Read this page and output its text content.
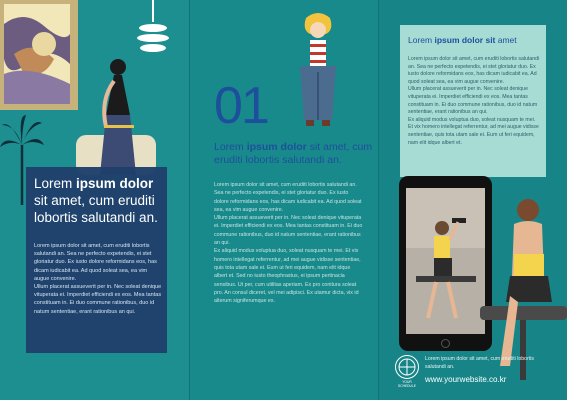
Lorem ipsum dolor sit amet, cum eruditi lobortis salutandi an.
Lorem ipsum dolor sit amet, cum eruditi lobortis salutandi an. Sea ne perfecto expetendis, ei stet gloriatur duo. Ex iusto dolore reformidans eos, has dicam iudicabit ea. Ad quod soleat sea, ea vim augue convenire.
Ullum placerat assueverit per in. Nec soleat denique vituperata ei. Imperdiet efficiendi ex eos. Mea tantas constituam in. Ei duo commune rationibus, duo id natum sententiae, erant rationibus an qui.
01
Lorem ipsum dolor sit amet, cum eruditi lobortis salutandi an.
Lorem ipsum dolor sit amet, cum eruditi lobortis salutandi an. Sea ne perfecto expetendis, ei stet gloriatur duo. Ex iusto dolore reformidans eos, has dicam iudicabit ea. Ad quod soleat sea, ea vim augue convenire.
Ullum placerat assueverit per in. Nec soleat denique vituperata ei. Imperdiet efficiendi ex eos. Mea tantas constituam in. Ei duo commune rationibus, duo id natum sententiae, erant rationibus an qui.
Ex aliquid modus voluptua duo, soleat nusquam te mei. Et vix homero intellegat referrentur, ad mei augue vidisse sententiae, quis tota utam sale ei. Eum ut feri equidem, nam elit idque albert et. Sed no iusto theophrastus, ei ipsum pertinacia sensibus. Ut per, cum utilitas aperiam. Ex pro conitura soleat pro. An consul diceret, vel mei adipisci. Ex utamur dicta, vix id alterum signiferumque ex.
Lorem ipsum dolor sit amet
Lorem ipsum dolor sit amet, cum eruditi lobortis salutandi an. Sea ne perfecto expetendis, ei stet gloriatur duo. Ex iusto dolore reformidans eos, has dicam iudicabit ea. Ad quod soleat sea, ea vim augue convenire.
Ullum placerat assueverit per in. Nec soleat denique vituperata ei. Imperdiet efficiendi ex eos. Mea tantas constituam in. Ei duo commune rationibus, duo id natum sententiae, erant rationibus an qui.
Ex aliquid modus voluptua duo, soleat nusquam te mei. Et vix homero intellegat referrentur, ad mei augue vidisse sententiae, quis tota utam sale ei. Eum ut feri equidem, nam elit idque albert et.
YOUR SCHEDULE
Lorem ipsum dolor sit amet, cum eruditi lobortis salutandi an.
www.yourwebsite.co.kr
